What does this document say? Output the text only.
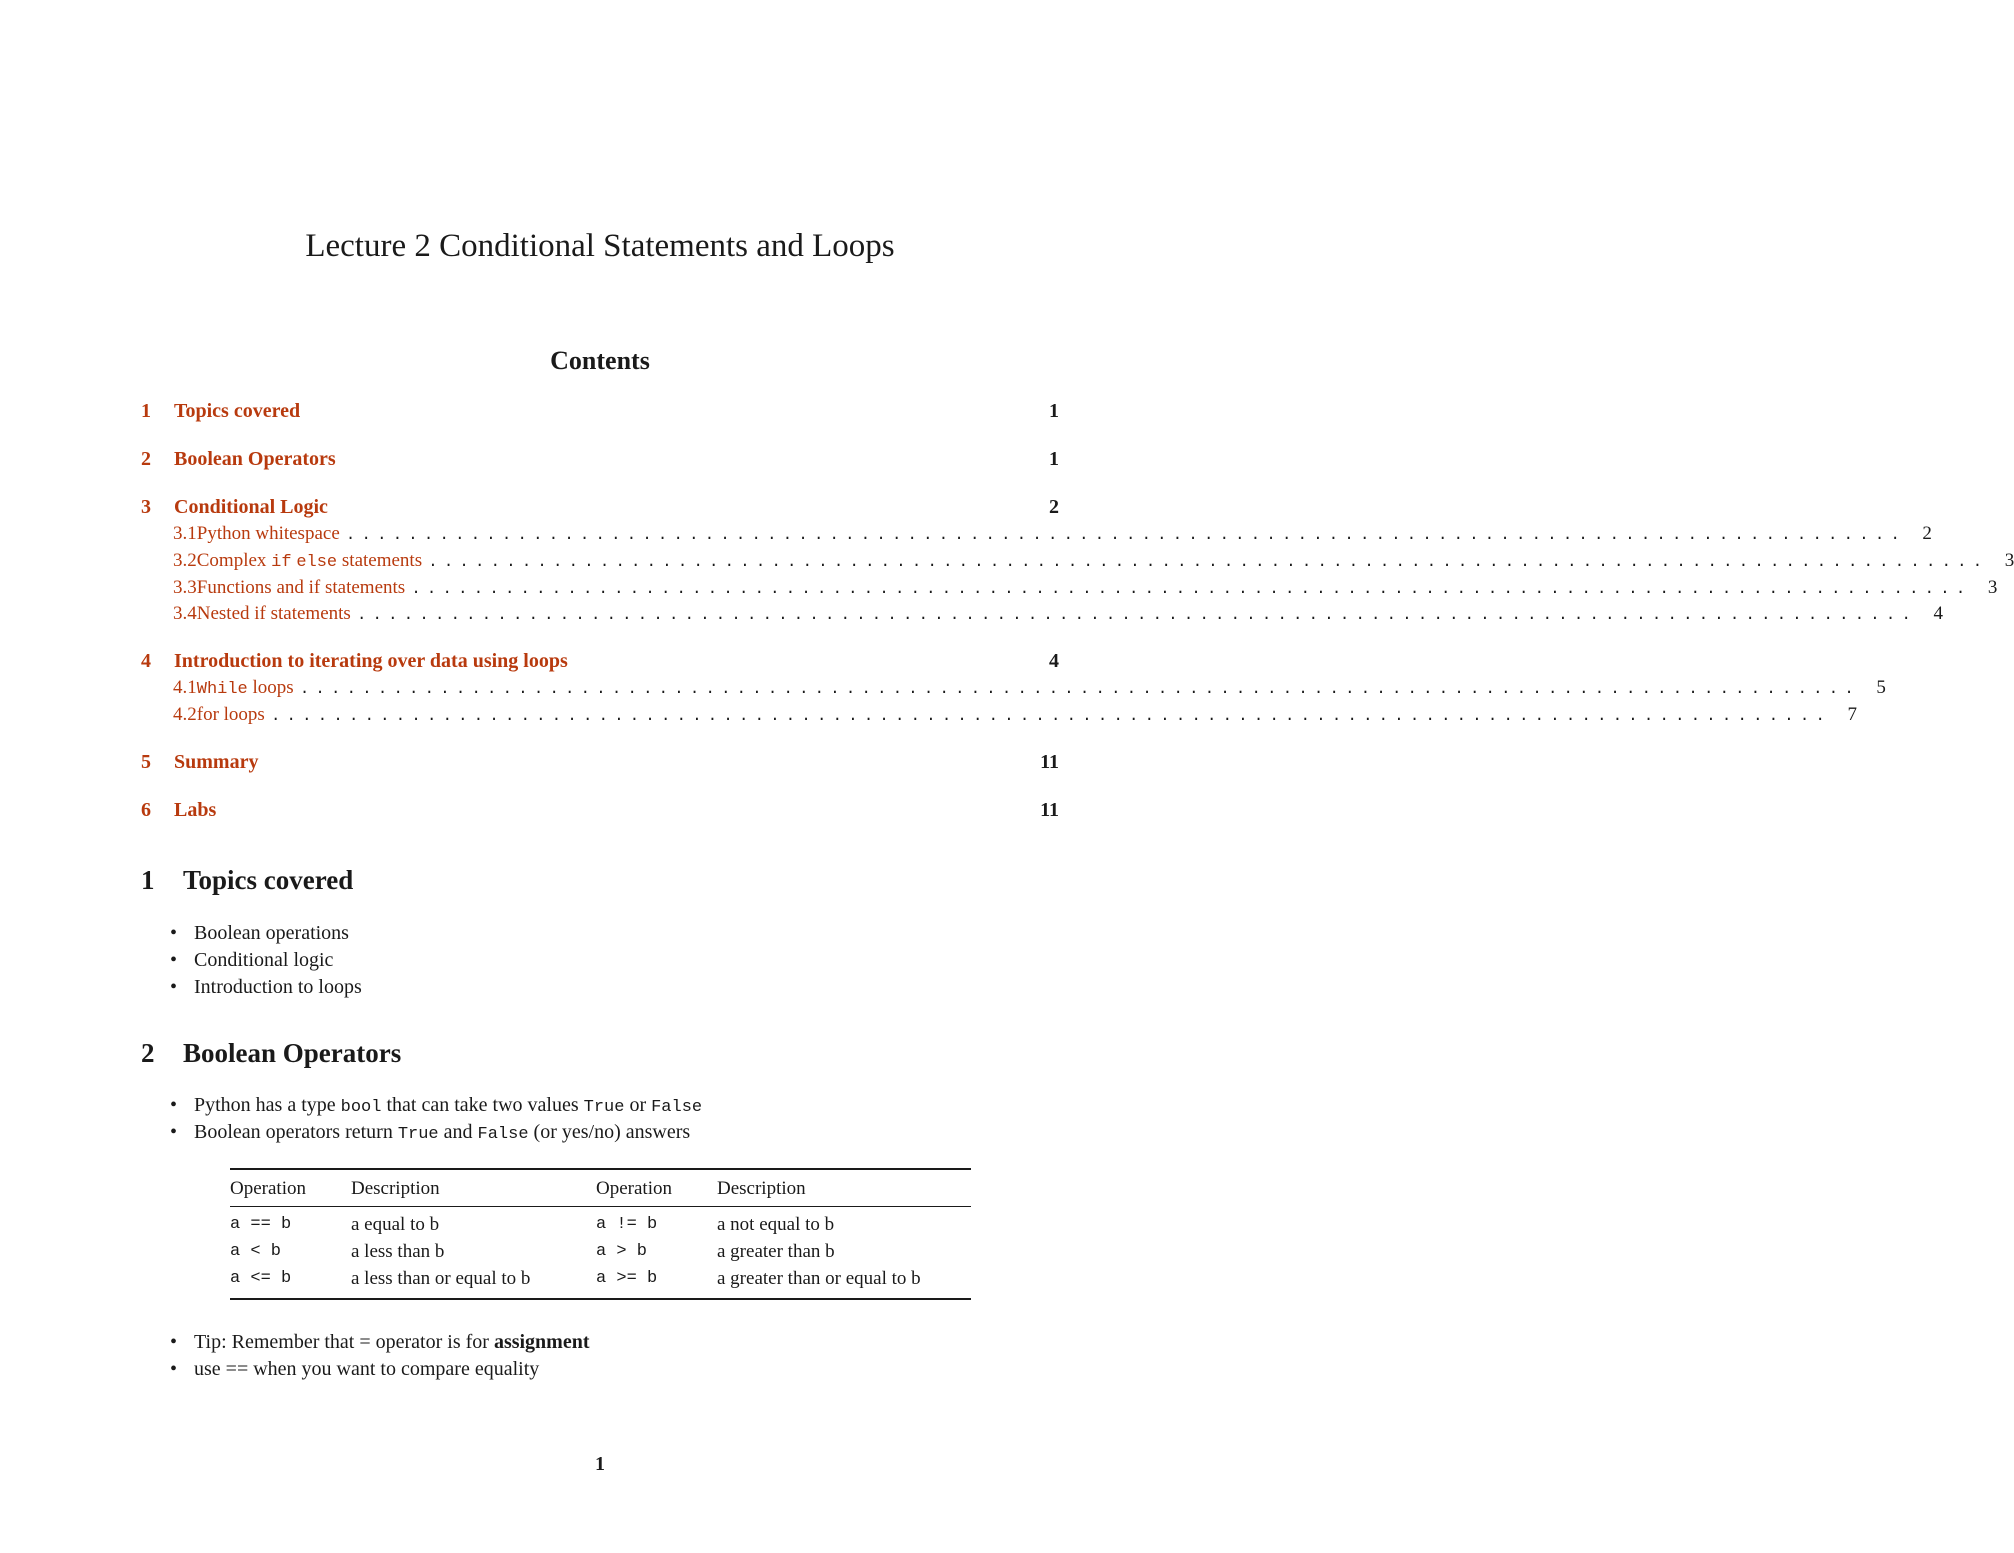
Lecture 2 Conditional Statements and Loops
Contents
1	Topics covered	1
2	Boolean Operators	1
3	Conditional Logic	2
3.1 Python whitespace .................................................................................................... 2
3.2 Complex if else statements .................................................................................................... 3
3.3 Functions and if statements .................................................................................................... 3
3.4 Nested if statements .................................................................................................... 4
4	Introduction to iterating over data using loops	4
4.1 While loops .................................................................................................... 5
4.2 for loops .................................................................................................... 7
5	Summary	11
6	Labs	11
1 Topics covered
• Boolean operations
• Conditional logic
• Introduction to loops
2 Boolean Operators
• Python has a type bool that can take two values True or False
• Boolean operators return True and False (or yes/no) answers
Operation	Description	Operation	Description
a == b	a equal to b	a != b	a not equal to b
a < b	a less than b	a > b	a greater than b
a <= b	a less than or equal to b	a >= b	a greater than or equal to b
• Tip: Remember that = operator is for assignment
• use == when you want to compare equality
1
